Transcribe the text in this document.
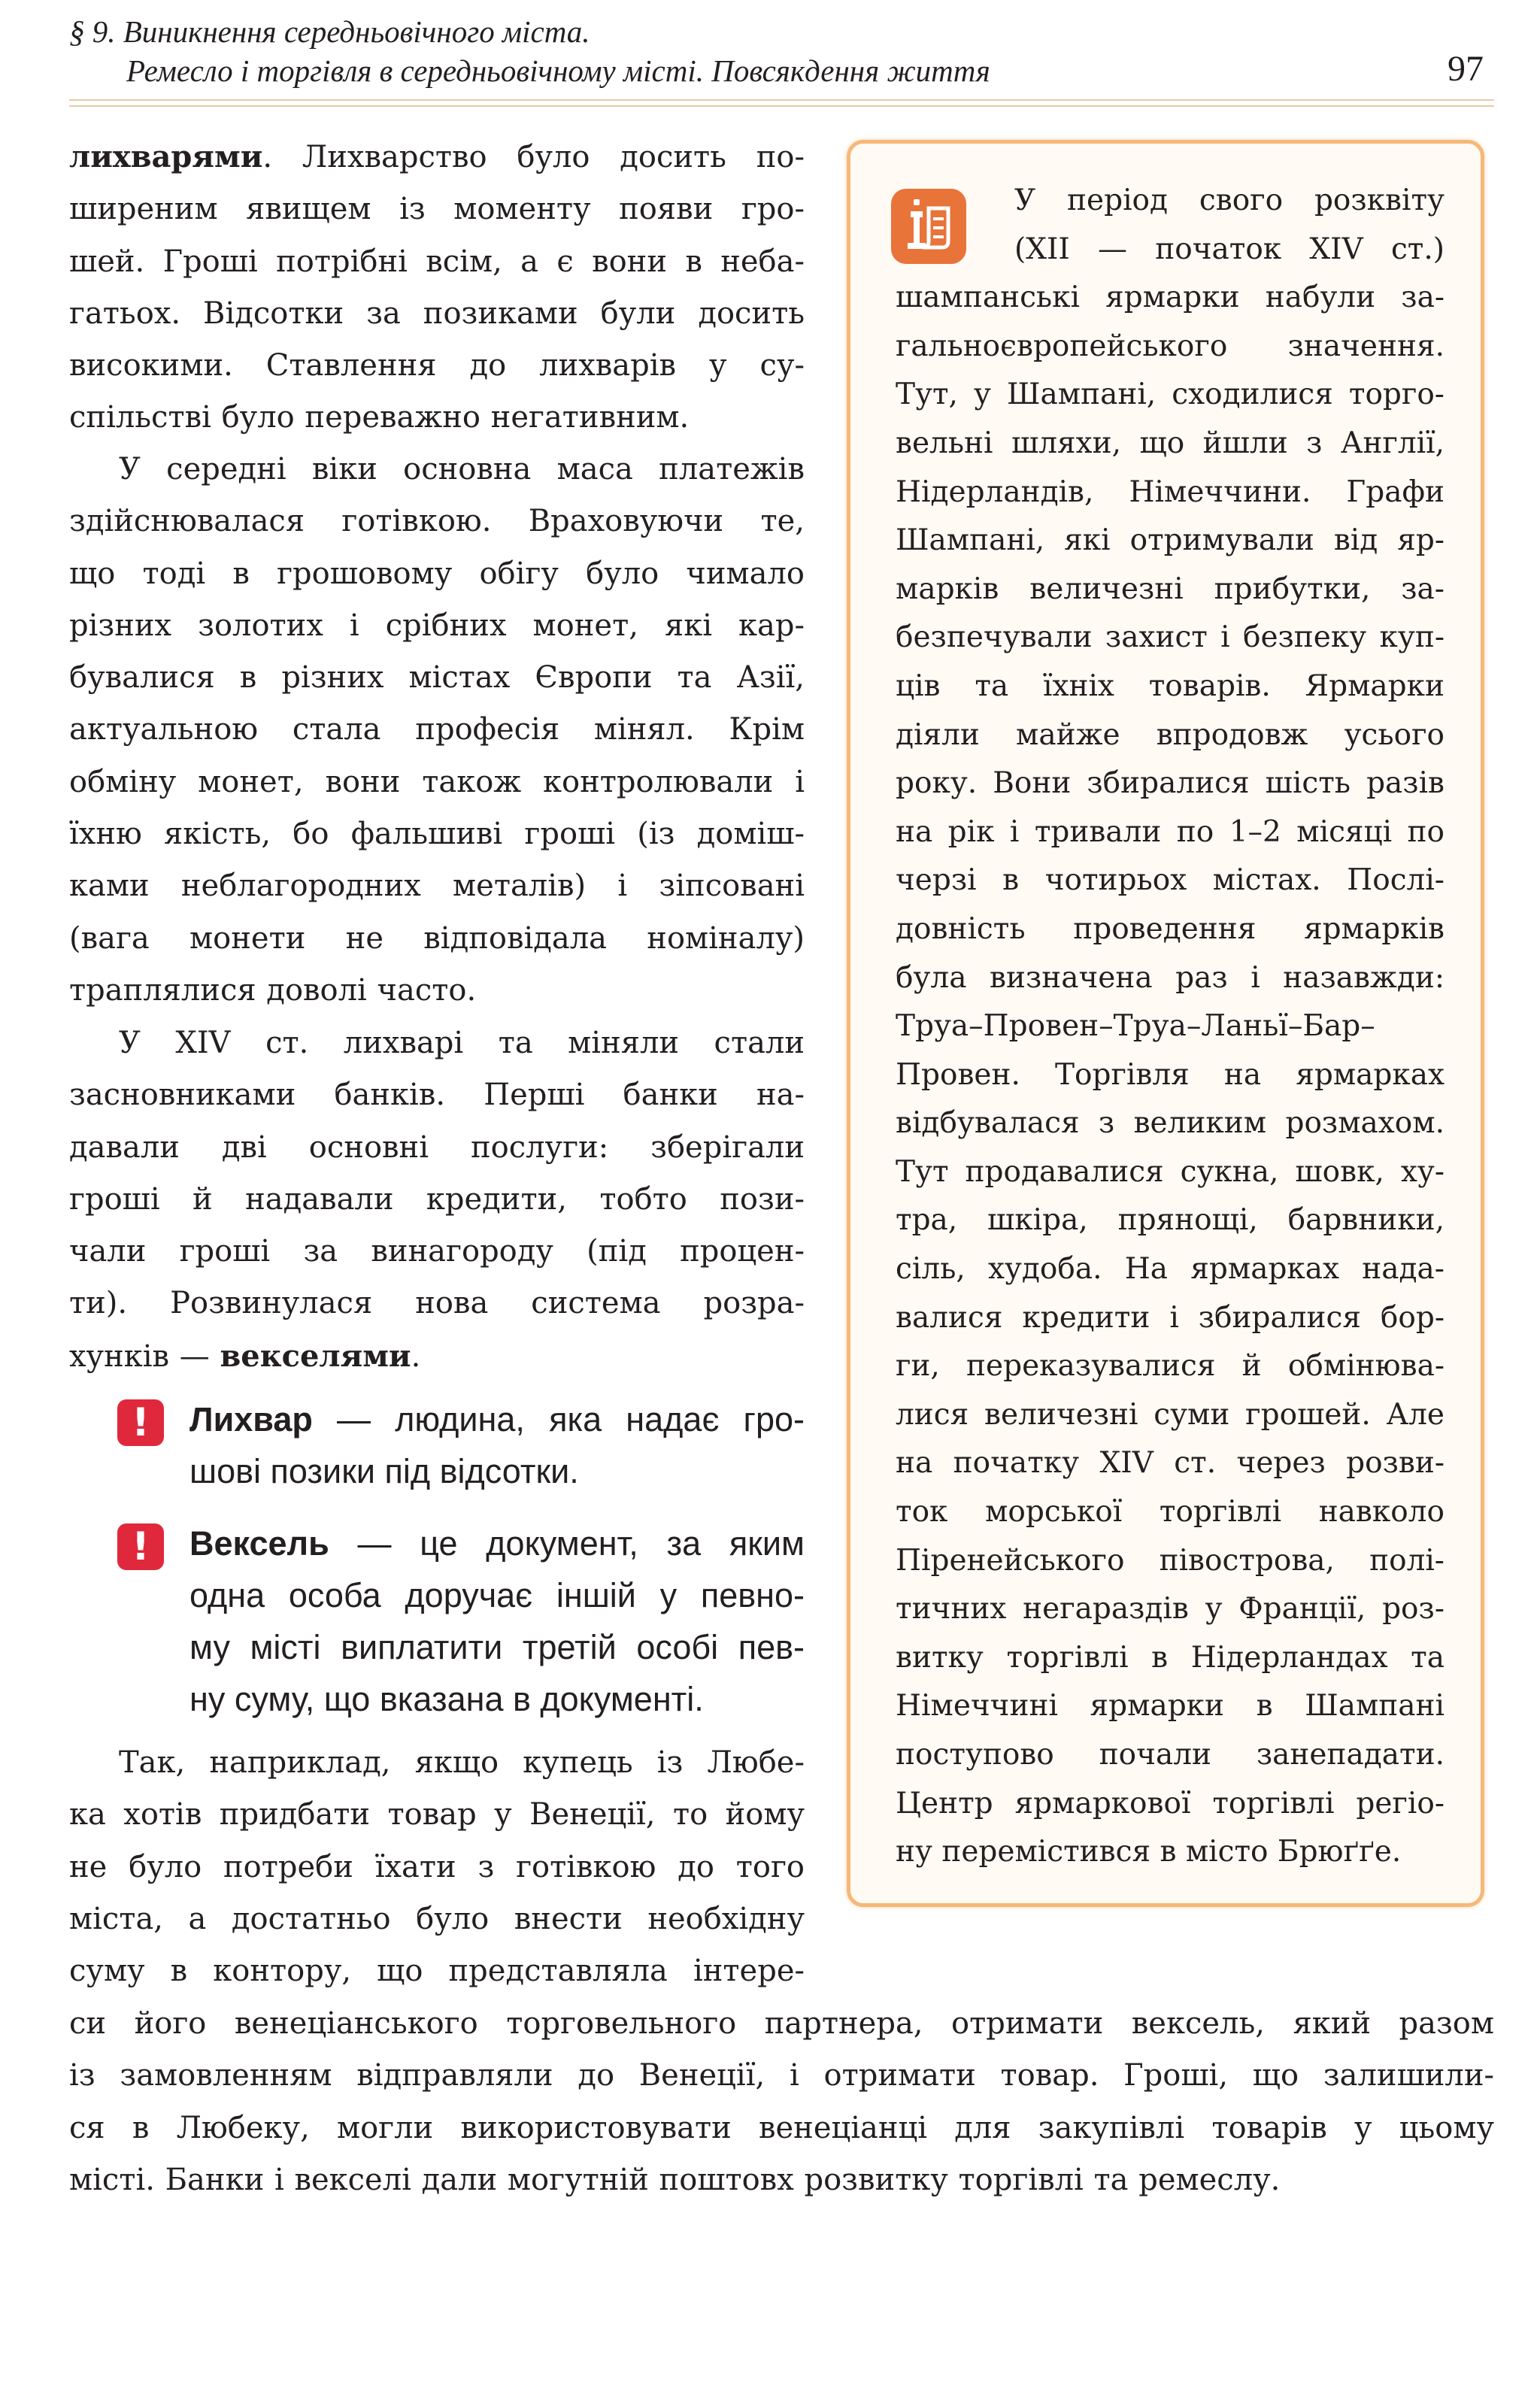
§ 9. Виникнення середньовічного міста.
Ремесло і торгівля в середньовічному місті. Повсякдення життя	97
лихварями. Лихварство було досить по-
ширеним явищем із моменту появи гро-
шей. Гроші потрібні всім, а є вони в неба-
гатьох. Відсотки за позиками були досить
високими. Ставлення до лихварів у су-
спільстві було переважно негативним.
У середні віки основна маса платежів
здійснювалася готівкою. Враховуючи те,
що тоді в грошовому обігу було чимало
різних золотих і срібних монет, які кар-
бувалися в різних містах Європи та Азії,
актуальною стала професія мінял. Крім
обміну монет, вони також контролювали і
їхню якість, бо фальшиві гроші (із домiш-
ками неблагородних металів) і зіпсовані
(вага монети не відповідала номіналу)
траплялися доволі часто.
У XIV ст. лихварі та міняли стали
засновниками банків. Перші банки на-
давали дві основні послуги: зберігали
гроші й надавали кредити, тобто пози-
чали гроші за винагороду (під процен-
ти). Розвинулася нова система розра-
хунків — векселями.
!	Лихвар — людина, яка надає гро-
шові позики під відсотки.
!	Вексель — це документ, за яким
одна особа доручає іншій у певно-
му місті виплатити третій особі пев-
ну суму, що вказана в документі.
Так, наприклад, якщо купець із Любе-
ка хотів придбати товар у Венеції, то йому
не було потреби їхати з готівкою до того
міста, а достатньо було внести необхідну
суму в контору, що представляла інтере-
си його венеціанського торговельного партнера, отримати вексель, який разом
із замовленням відправляли до Венеції, і отримати товар. Гроші, що залишили-
ся в Любеку, могли використовувати венеціанці для закупівлі товарів у цьому
місті. Банки і векселі дали могутній поштовх розвитку торгівлі та ремеслу.
У період свого розквіту
(XII — початок XIV ст.)
шампанські ярмарки набули за-
гальноєвропейського значення.
Тут, у Шампані, сходилися торго-
вельні шляхи, що йшли з Англії,
Нідерландів, Німеччини. Графи
Шампані, які отримували від яр-
марків величезні прибутки, за-
безпечували захист і безпеку куп-
ців та їхніх товарів. Ярмарки
діяли майже впродовж усього
року. Вони збиралися шість разів
на рік і тривали по 1–2 місяці по
черзі в чотирьох містах. Послі-
довність проведення ярмарків
була визначена раз і назавжди:
Труа–Провен–Труа–Ланьї–Бар–
Провен. Торгівля на ярмарках
відбувалася з великим розмахом.
Тут продавалися сукна, шовк, ху-
тра, шкіра, прянощі, барвники,
сіль, худоба. На ярмарках нада-
валися кредити і збиралися бор-
ги, переказувалися й обмінюва-
лися величезні суми грошей. Але
на початку XIV ст. через розви-
ток морської торгівлі навколо
Піренейського півострова, полі-
тичних негараздів у Франції, роз-
витку торгівлі в Нідерландах та
Німеччині ярмарки в Шампані
поступово почали занепадати.
Центр ярмаркової торгівлі регіо-
ну перемістився в місто Брюґґе.
